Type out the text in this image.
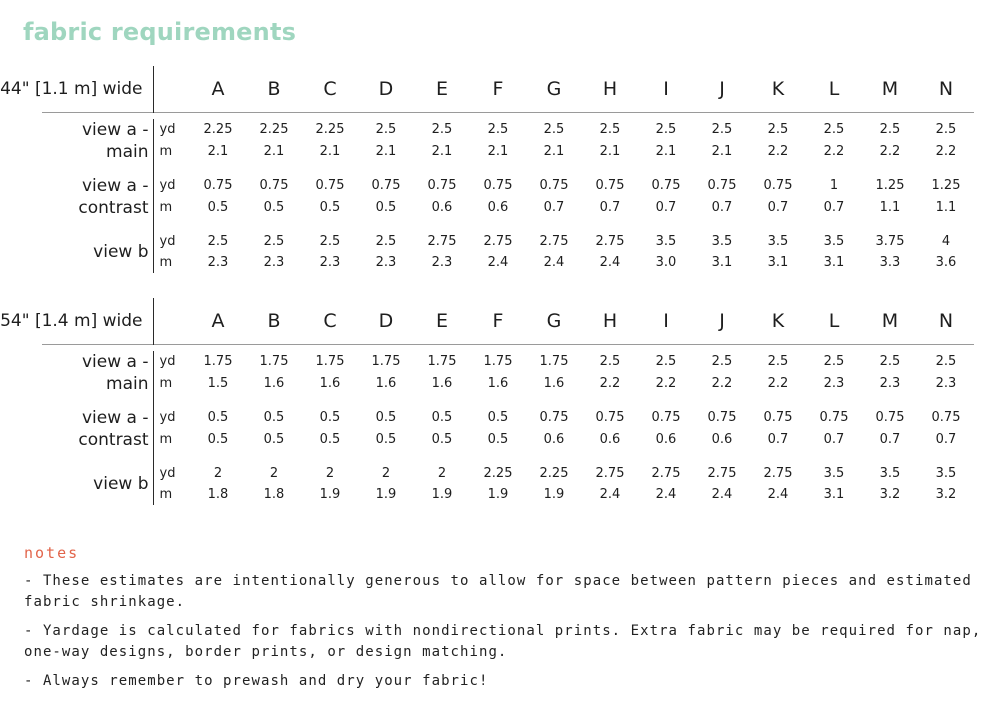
fabric requirements
44" [1.1 m] wide			A	B	C	D	E	F	G	H	I	J	K	L	M	N

	view a -
main	yd	2.25	2.25	2.25	2.5	2.5	2.5	2.5	2.5	2.5	2.5	2.5	2.5	2.5	2.5
		m	2.1	2.1	2.1	2.1	2.1	2.1	2.1	2.1	2.1	2.1	2.2	2.2	2.2	2.2

	view a -
contrast	yd	0.75	0.75	0.75	0.75	0.75	0.75	0.75	0.75	0.75	0.75	0.75	1	1.25	1.25
		m	0.5	0.5	0.5	0.5	0.6	0.6	0.7	0.7	0.7	0.7	0.7	0.7	1.1	1.1

	view b	yd	2.5	2.5	2.5	2.5	2.75	2.75	2.75	2.75	3.5	3.5	3.5	3.5	3.75	4
		m	2.3	2.3	2.3	2.3	2.3	2.4	2.4	2.4	3.0	3.1	3.1	3.1	3.3	3.6
54" [1.4 m] wide			A	B	C	D	E	F	G	H	I	J	K	L	M	N

	view a -
main	yd	1.75	1.75	1.75	1.75	1.75	1.75	1.75	2.5	2.5	2.5	2.5	2.5	2.5	2.5
		m	1.5	1.6	1.6	1.6	1.6	1.6	1.6	2.2	2.2	2.2	2.2	2.3	2.3	2.3

	view a -
contrast	yd	0.5	0.5	0.5	0.5	0.5	0.5	0.75	0.75	0.75	0.75	0.75	0.75	0.75	0.75
		m	0.5	0.5	0.5	0.5	0.5	0.5	0.6	0.6	0.6	0.6	0.7	0.7	0.7	0.7

	view b	yd	2	2	2	2	2	2.25	2.25	2.75	2.75	2.75	2.75	3.5	3.5	3.5
		m	1.8	1.8	1.9	1.9	1.9	1.9	1.9	2.4	2.4	2.4	2.4	3.1	3.2	3.2
notes
- These estimates are intentionally generous to allow for space between pattern pieces and estimated fabric shrinkage.
- Yardage is calculated for fabrics with nondirectional prints. Extra fabric may be required for nap, one-way designs, border prints, or design matching.
- Always remember to prewash and dry your fabric!
